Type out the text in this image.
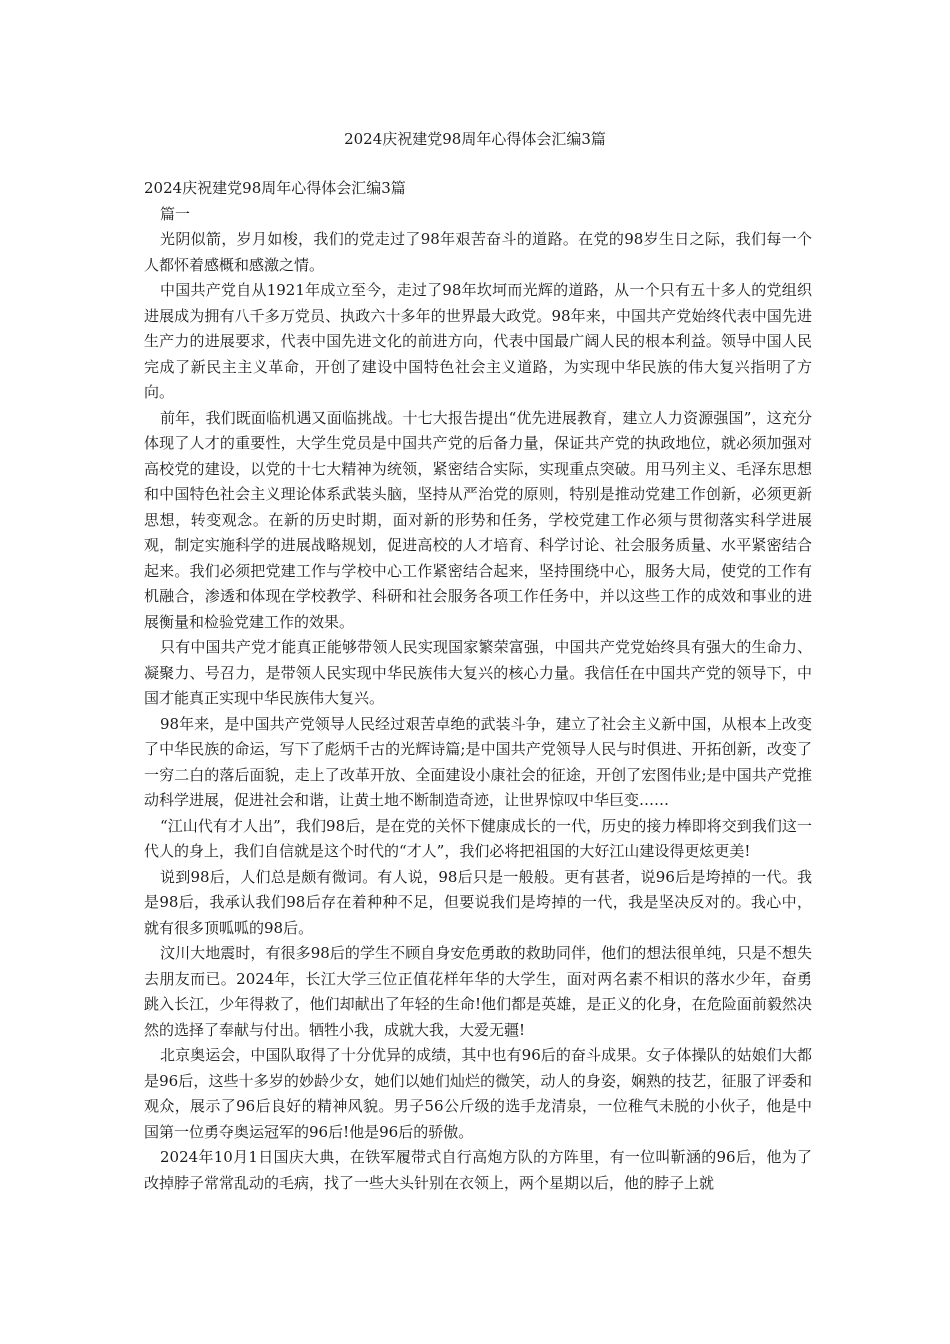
2024庆祝建党98周年心得体会汇编3篇

2024庆祝建党98周年心得体会汇编3篇

篇一

光阴似箭，岁月如梭，我们的党走过了98年艰苦奋斗的道路。在党的98岁生日之际，我们每一个人都怀着感概和感激之情。

中国共产党自从1921年成立至今，走过了98年坎坷而光辉的道路，从一个只有五十多人的党组织进展成为拥有八千多万党员、执政六十多年的世界最大政党。98年来，中国共产党始终代表中国先进生产力的进展要求，代表中国先进文化的前进方向，代表中国最广阔人民的根本利益。领导中国人民完成了新民主主义革命，开创了建设中国特色社会主义道路，为实现中华民族的伟大复兴指明了方向。

前年，我们既面临机遇又面临挑战。十七大报告提出“优先进展教育，建立人力资源强国”，这充分体现了人才的重要性，大学生党员是中国共产党的后备力量，保证共产党的执政地位，就必须加强对高校党的建设，以党的十七大精神为统领，紧密结合实际，实现重点突破。用马列主义、毛泽东思想和中国特色社会主义理论体系武装头脑，坚持从严治党的原则，特别是推动党建工作创新，必须更新思想，转变观念。在新的历史时期，面对新的形势和任务，学校党建工作必须与贯彻落实科学进展观，制定实施科学的进展战略规划，促进高校的人才培育、科学讨论、社会服务质量、水平紧密结合起来。我们必须把党建工作与学校中心工作紧密结合起来，坚持围绕中心，服务大局，使党的工作有机融合，渗透和体现在学校教学、科研和社会服务各项工作任务中，并以这些工作的成效和事业的进展衡量和检验党建工作的效果。

只有中国共产党才能真正能够带领人民实现国家繁荣富强，中国共产党党始终具有强大的生命力、凝聚力、号召力，是带领人民实现中华民族伟大复兴的核心力量。我信任在中国共产党的领导下，中国才能真正实现中华民族伟大复兴。

98年来，是中国共产党领导人民经过艰苦卓绝的武装斗争，建立了社会主义新中国，从根本上改变了中华民族的命运，写下了彪炳千古的光辉诗篇;是中国共产党领导人民与时俱进、开拓创新，改变了一穷二白的落后面貌，走上了改革开放、全面建设小康社会的征途，开创了宏图伟业;是中国共产党推动科学进展，促进社会和谐，让黄土地不断制造奇迹，让世界惊叹中华巨变……

“江山代有才人出”，我们98后，是在党的关怀下健康成长的一代，历史的接力棒即将交到我们这一代人的身上，我们自信就是这个时代的“才人”，我们必将把祖国的大好江山建设得更炫更美!

说到98后，人们总是颇有微词。有人说，98后只是一般般。更有甚者，说96后是垮掉的一代。我是98后，我承认我们98后存在着种种不足，但要说我们是垮掉的一代，我是坚决反对的。我心中，就有很多顶呱呱的98后。

汶川大地震时，有很多98后的学生不顾自身安危勇敢的救助同伴，他们的想法很单纯，只是不想失去朋友而已。2024年，长江大学三位正值花样年华的大学生，面对两名素不相识的落水少年，奋勇跳入长江，少年得救了，他们却献出了年轻的生命!他们都是英雄，是正义的化身，在危险面前毅然决然的选择了奉献与付出。牺牲小我，成就大我，大爱无疆!

北京奥运会，中国队取得了十分优异的成绩，其中也有96后的奋斗成果。女子体操队的姑娘们大都是96后，这些十多岁的妙龄少女，她们以她们灿烂的微笑，动人的身姿，娴熟的技艺，征服了评委和观众，展示了96后良好的精神风貌。男子56公斤级的选手龙清泉，一位稚气未脱的小伙子，他是中国第一位勇夺奥运冠军的96后!他是96后的骄傲。

2024年10月1日国庆大典，在铁军履带式自行高炮方队的方阵里，有一位叫靳涵的96后，他为了改掉脖子常常乱动的毛病，找了一些大头针别在衣领上，两个星期以后，他的脖子上就
